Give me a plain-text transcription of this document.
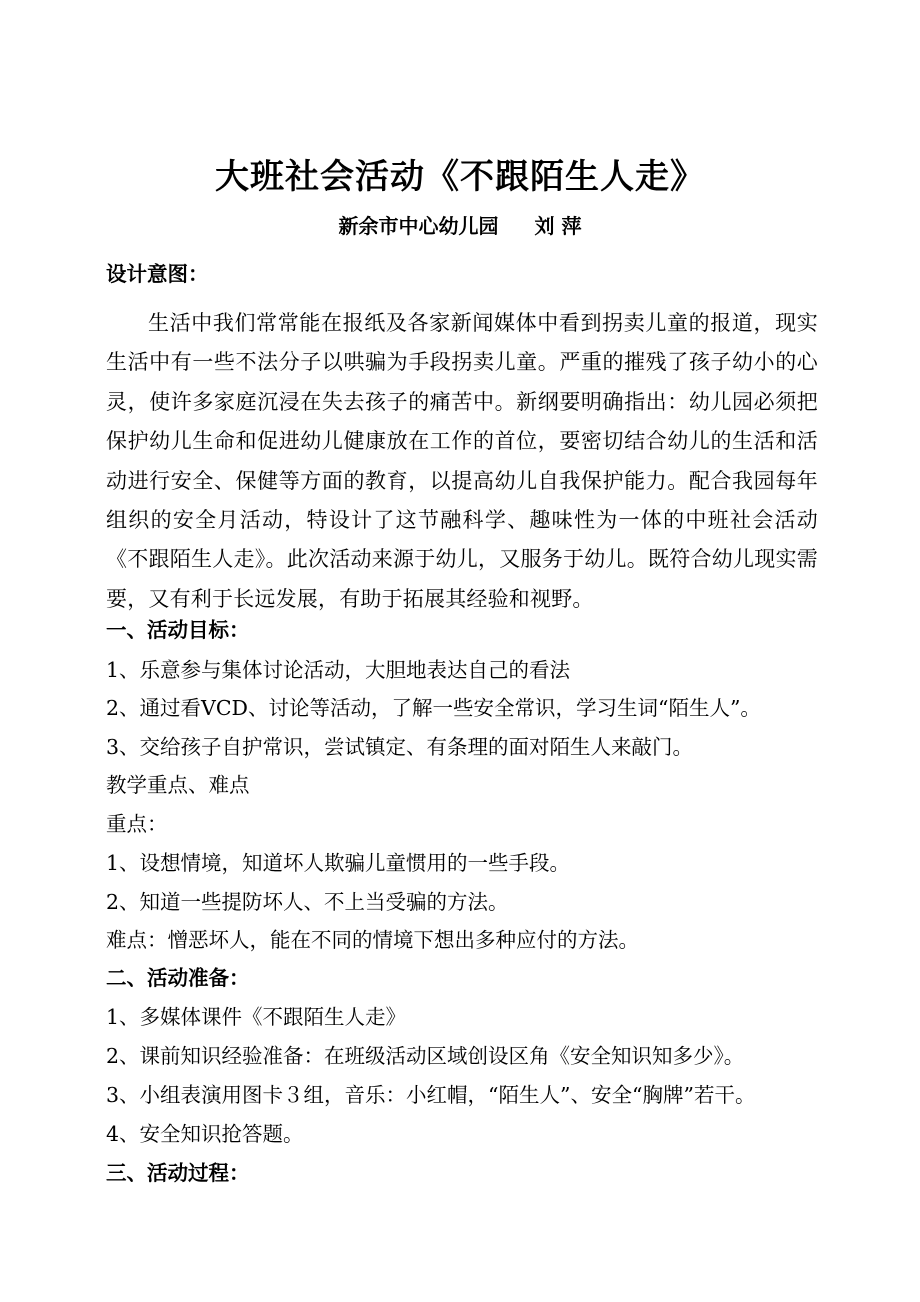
大班社会活动《不跟陌生人走》
新余市中心幼儿园 刘 萍
设计意图：
生活中我们常常能在报纸及各家新闻媒体中看到拐卖儿童的报道，现实生活中有一些不法分子以哄骗为手段拐卖儿童。严重的摧残了孩子幼小的心灵，使许多家庭沉浸在失去孩子的痛苦中。新纲要明确指出：幼儿园必须把保护幼儿生命和促进幼儿健康放在工作的首位，要密切结合幼儿的生活和活动进行安全、保健等方面的教育，以提高幼儿自我保护能力。配合我园每年组织的安全月活动，特设计了这节融科学、趣味性为一体的中班社会活动《不跟陌生人走》。此次活动来源于幼儿，又服务于幼儿。既符合幼儿现实需要，又有利于长远发展，有助于拓展其经验和视野。
一、活动目标：
1、乐意参与集体讨论活动，大胆地表达自己的看法
2、通过看VCD、讨论等活动，了解一些安全常识，学习生词“陌生人”。
3、交给孩子自护常识，尝试镇定、有条理的面对陌生人来敲门。
教学重点、难点
重点：
1、设想情境，知道坏人欺骗儿童惯用的一些手段。
2、知道一些提防坏人、不上当受骗的方法。
难点：憎恶坏人，能在不同的情境下想出多种应付的方法。
二、活动准备：
1、多媒体课件《不跟陌生人走》
2、课前知识经验准备：在班级活动区域创设区角《安全知识知多少》。
3、小组表演用图卡３组，音乐：小红帽，“陌生人”、安全“胸牌”若干。
4、安全知识抢答题。
三、活动过程：
